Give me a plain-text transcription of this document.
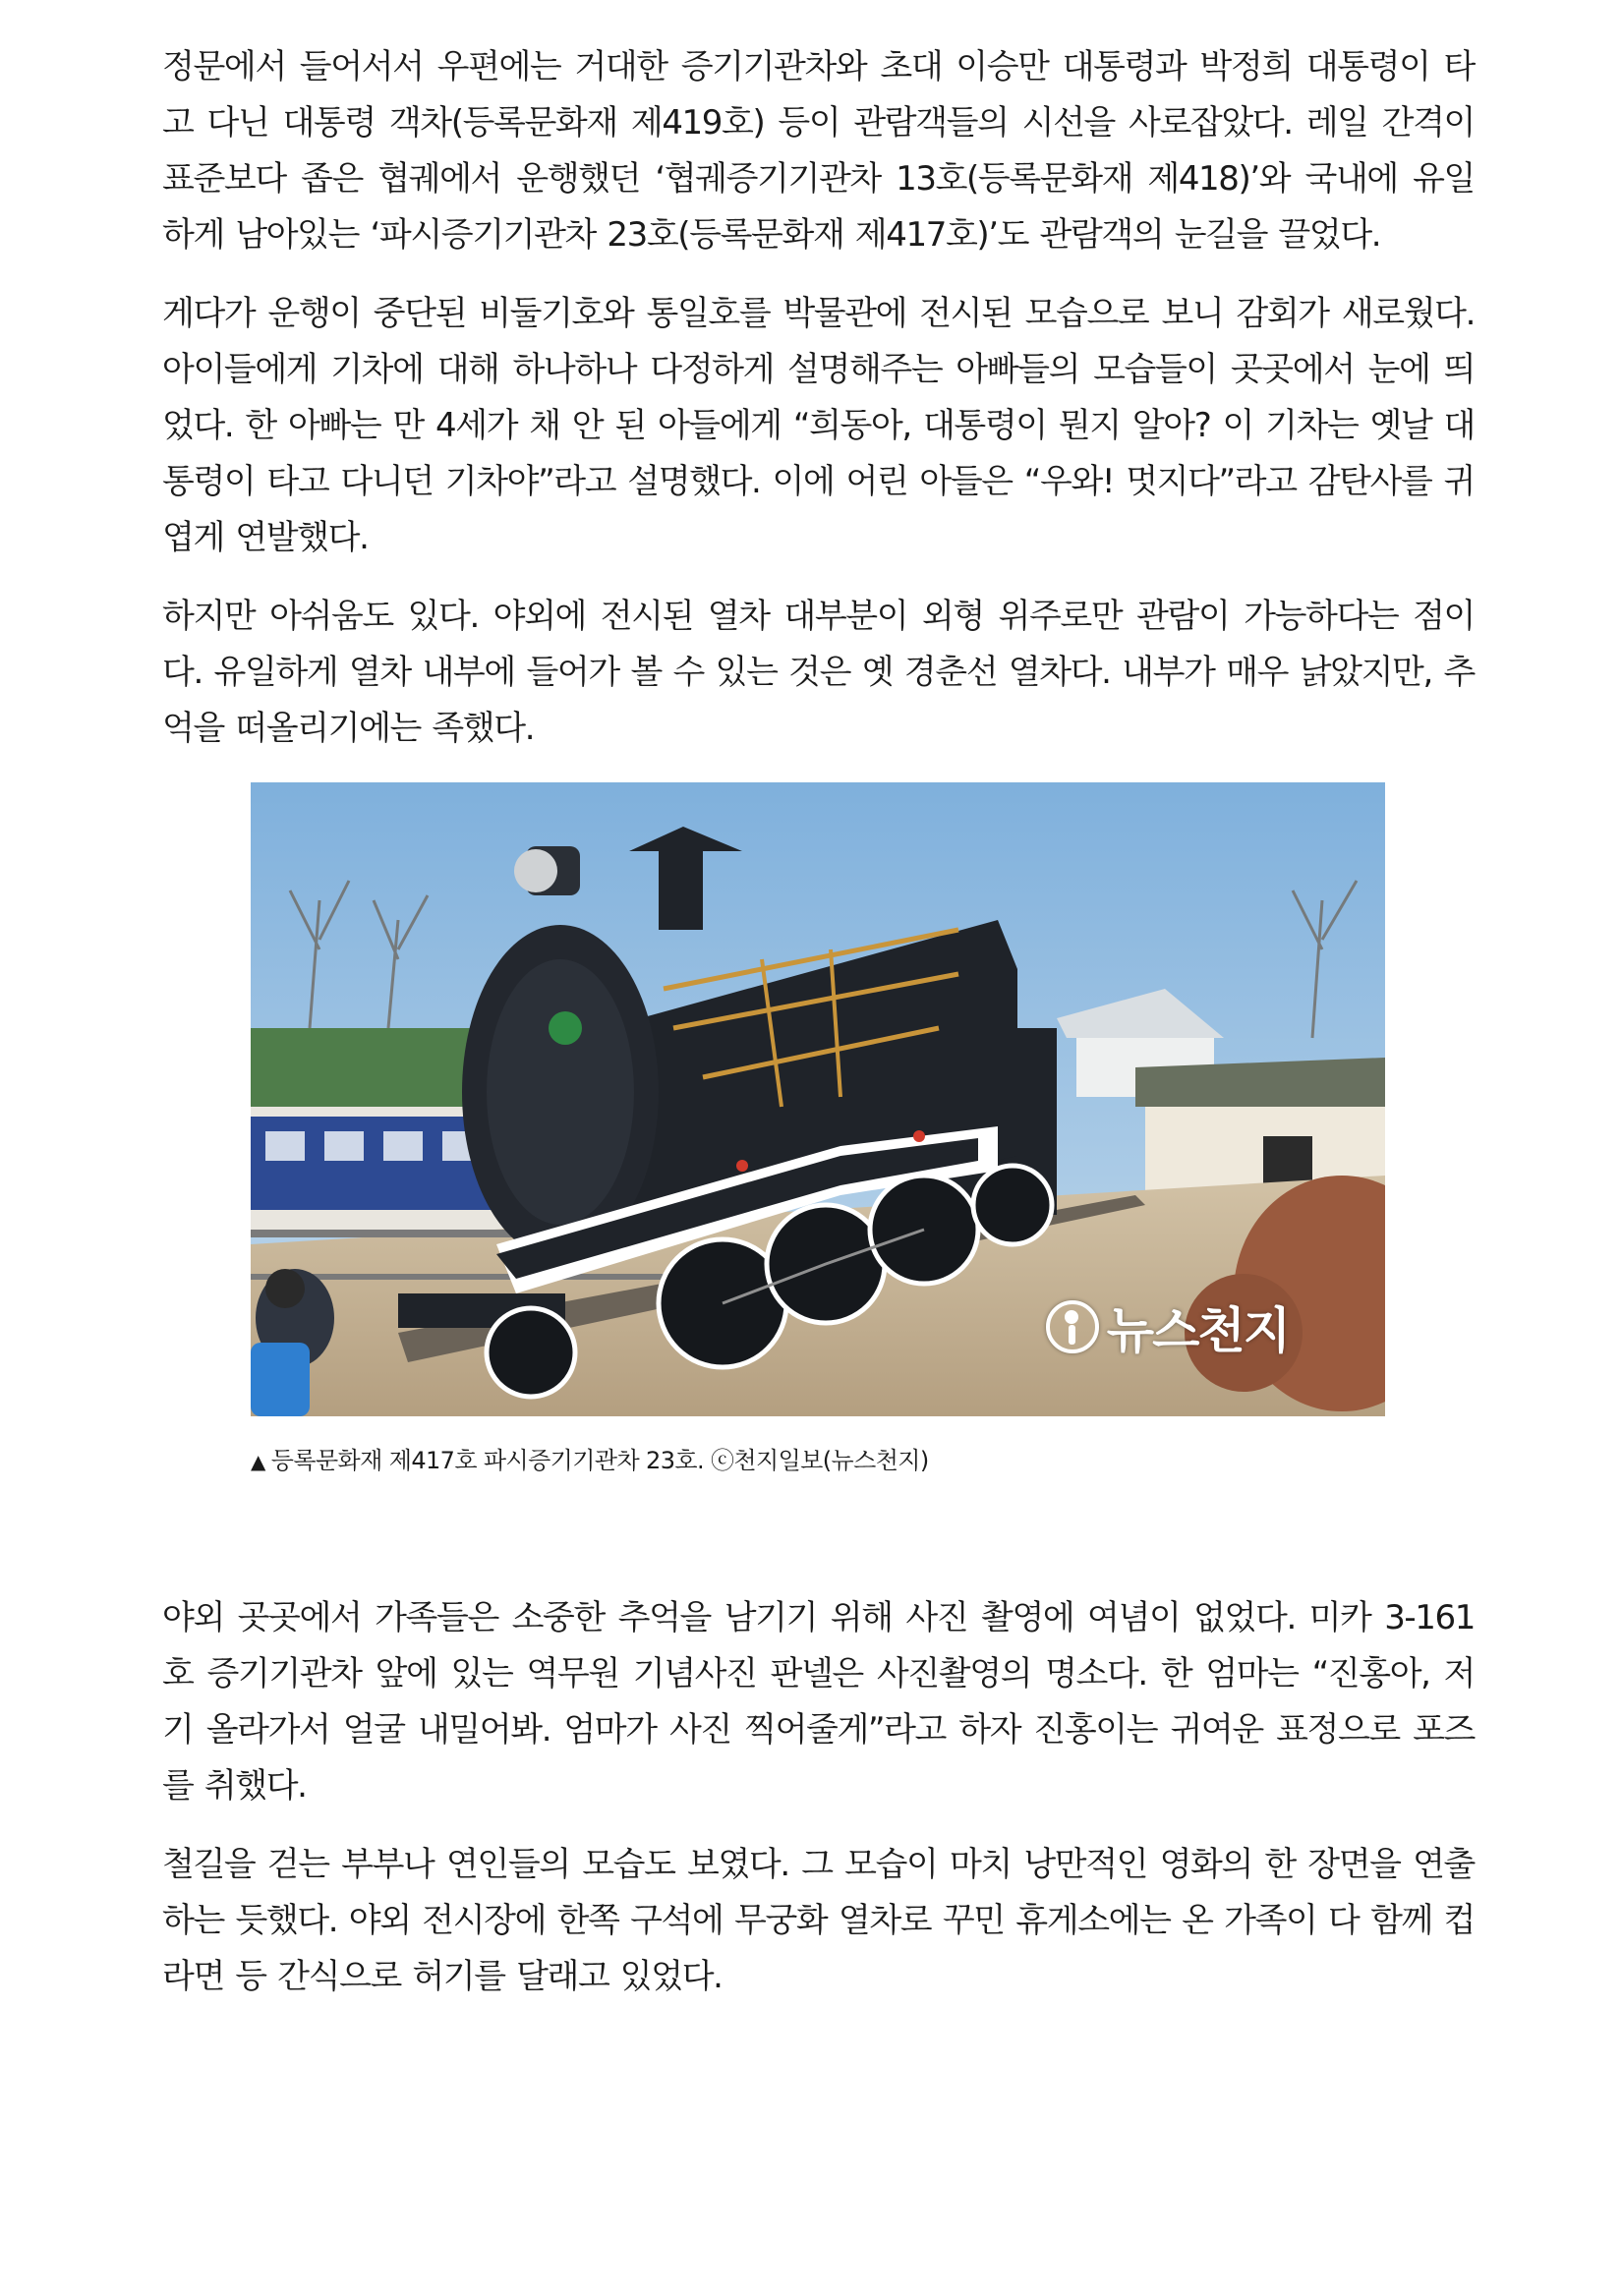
정문에서 들어서서 우편에는 거대한 증기기관차와 초대 이승만 대통령과 박정희 대통령이 타고 다닌 대통령 객차(등록문화재 제419호) 등이 관람객들의 시선을 사로잡았다. 레일 간격이 표준보다 좁은 협궤에서 운행했던 ‘협궤증기기관차 13호(등록문화재 제418)’와 국내에 유일하게 남아있는 ‘파시증기기관차 23호(등록문화재 제417호)’도 관람객의 눈길을 끌었다.

게다가 운행이 중단된 비둘기호와 통일호를 박물관에 전시된 모습으로 보니 감회가 새로웠다. 아이들에게 기차에 대해 하나하나 다정하게 설명해주는 아빠들의 모습들이 곳곳에서 눈에 띄었다. 한 아빠는 만 4세가 채 안 된 아들에게 “희동아, 대통령이 뭔지 알아? 이 기차는 옛날 대통령이 타고 다니던 기차야”라고 설명했다. 이에 어린 아들은 “우와! 멋지다”라고 감탄사를 귀엽게 연발했다.

하지만 아쉬움도 있다. 야외에 전시된 열차 대부분이 외형 위주로만 관람이 가능하다는 점이다. 유일하게 열차 내부에 들어가 볼 수 있는 것은 옛 경춘선 열차다. 내부가 매우 낡았지만, 추억을 떠올리기에는 족했다.

뉴스천지
▲ 등록문화재 제417호 파시증기기관차 23호. ⓒ천지일보(뉴스천지)

야외 곳곳에서 가족들은 소중한 추억을 남기기 위해 사진 촬영에 여념이 없었다. 미카 3-161호 증기기관차 앞에 있는 역무원 기념사진 판넬은 사진촬영의 명소다. 한 엄마는 “진홍아, 저기 올라가서 얼굴 내밀어봐. 엄마가 사진 찍어줄게”라고 하자 진홍이는 귀여운 표정으로 포즈를 취했다.

철길을 걷는 부부나 연인들의 모습도 보였다. 그 모습이 마치 낭만적인 영화의 한 장면을 연출하는 듯했다. 야외 전시장에 한쪽 구석에 무궁화 열차로 꾸민 휴게소에는 온 가족이 다 함께 컵라면 등 간식으로 허기를 달래고 있었다.
